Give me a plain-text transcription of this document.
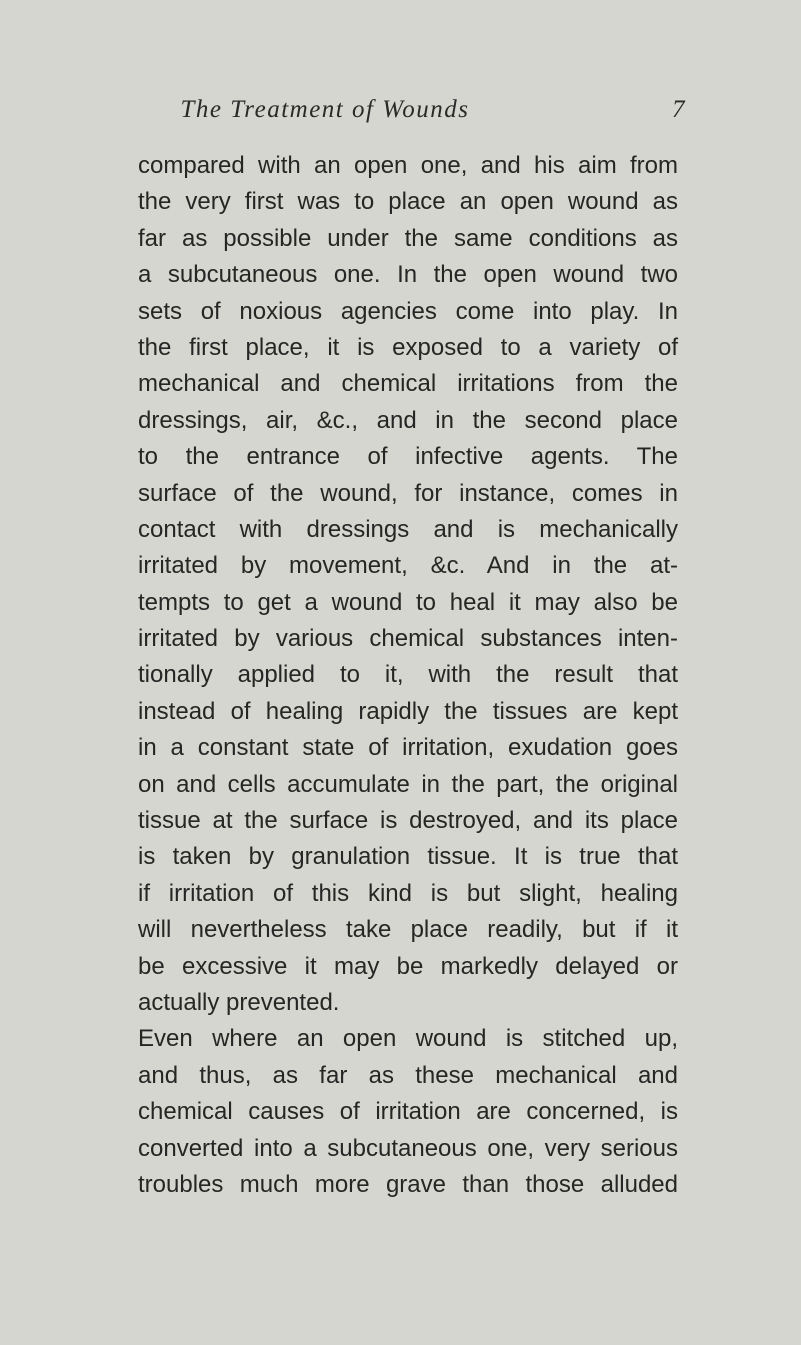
The Treatment of Wounds	7
compared with an open one, and his aim from
the very first was to place an open wound as
far as possible under the same conditions as
a subcutaneous one. In the open wound two
sets of noxious agencies come into play. In
the first place, it is exposed to a variety of
mechanical and chemical irritations from the
dressings, air, &c., and in the second place
to the entrance of infective agents. The
surface of the wound, for instance, comes in
contact with dressings and is mechanically
irritated by movement, &c. And in the at-
tempts to get a wound to heal it may also be
irritated by various chemical substances inten-
tionally applied to it, with the result that
instead of healing rapidly the tissues are kept
in a constant state of irritation, exudation goes
on and cells accumulate in the part, the original
tissue at the surface is destroyed, and its place
is taken by granulation tissue. It is true that
if irritation of this kind is but slight, healing
will nevertheless take place readily, but if it
be excessive it may be markedly delayed or
actually prevented.
Even where an open wound is stitched up,
and thus, as far as these mechanical and
chemical causes of irritation are concerned, is
converted into a subcutaneous one, very serious
troubles much more grave than those alluded
